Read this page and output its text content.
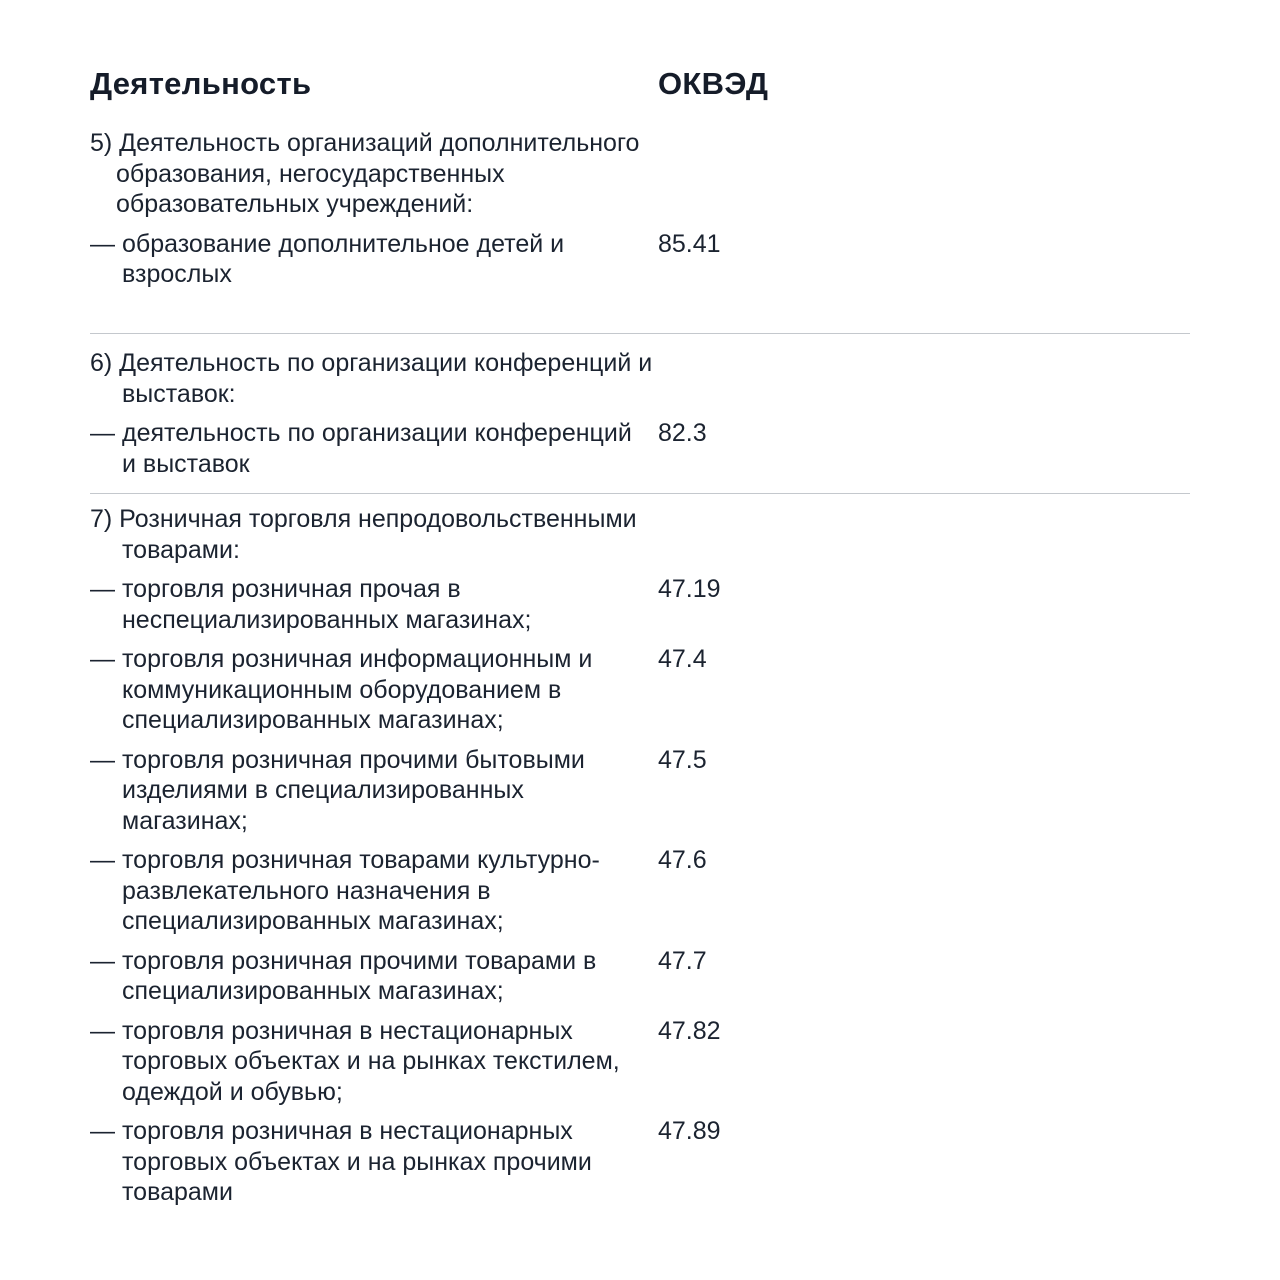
Деятельность	ОКВЭД

5) Деятельность организаций дополнительного образования, негосударственных образовательных учреждений:

— образование дополнительное детей и взрослых
85.41

6) Деятельность по организации конференций и выставок:

— деятельность по организации конференций и выставок
82.3

7) Розничная торговля непродовольственными товарами:

— торговля розничная прочая в неспециализированных магазинах;
47.19
— торговля розничная информационным и коммуникационным оборудованием в специализированных магазинах;
47.4
— торговля розничная прочими бытовыми изделиями в специализированных магазинах;
47.5
— торговля розничная товарами культурно-развлекательного назначения в специализированных магазинах;
47.6
— торговля розничная прочими товарами в специализированных магазинах;
47.7
— торговля розничная в нестационарных торговых объектах и на рынках текстилем, одеждой и обувью;
47.82
— торговля розничная в нестационарных торговых объектах и на рынках прочими товарами
47.89
